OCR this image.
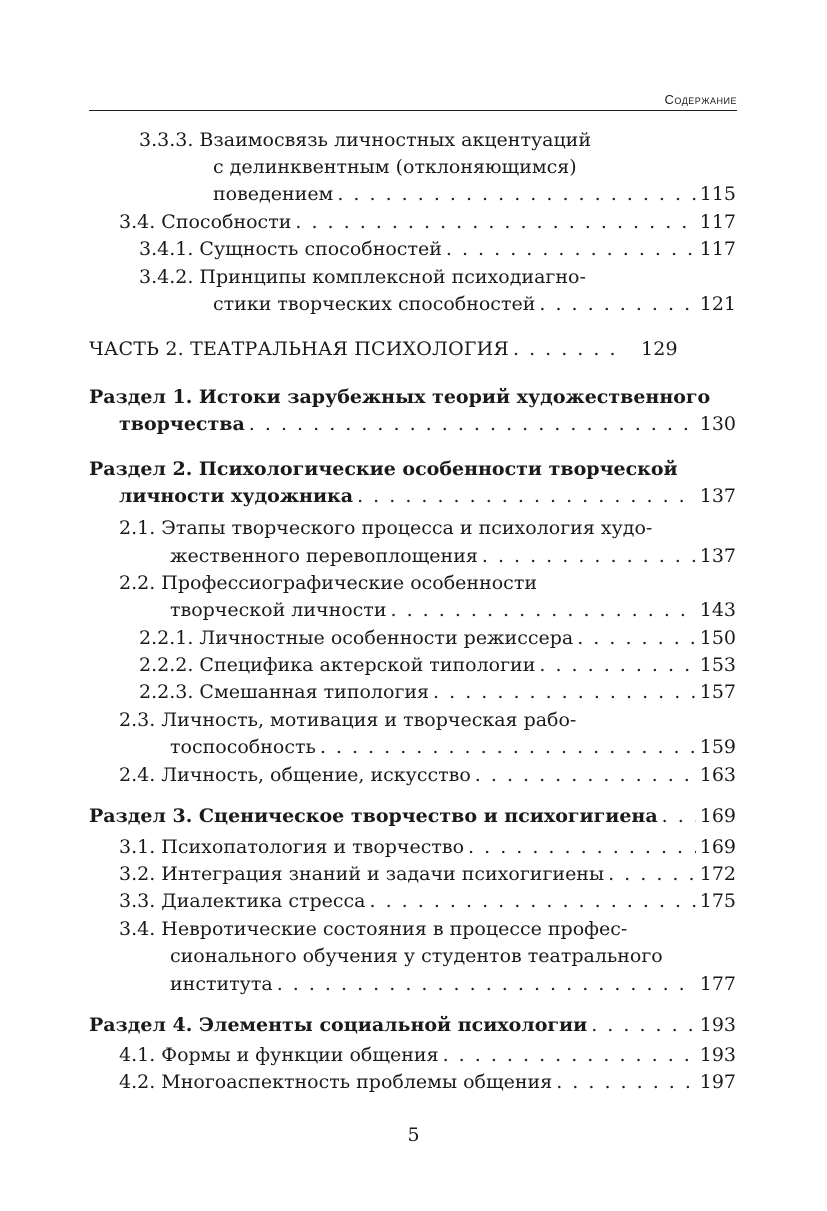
Содержание
3.3.3. Взаимосвязь личностных акцентуаций
с делинквентным (отклоняющимся)
поведением . . .	115
3.4. Способности . . .	117
3.4.1. Сущность способностей . . .	117
3.4.2. Принципы комплексной психодиагно-
стики творческих способностей . . .	121
ЧАСТЬ 2. ТЕАТРАЛЬНАЯ ПСИХОЛОГИЯ . . .	129
Раздел 1. Истоки зарубежных теорий художественного
творчества . . .	130
Раздел 2. Психологические особенности творческой
личности художника . . .	137
2.1. Этапы творческого процесса и психология худо-
жественного перевоплощения . . .	137
2.2. Профессиографические особенности
творческой личности . . .	143
2.2.1. Личностные особенности режиссера . . .	150
2.2.2. Специфика актерской типологии . . .	153
2.2.3. Смешанная типология . . .	157
2.3. Личность, мотивация и творческая рабо-
тоспособность . . .	159
2.4. Личность, общение, искусство . . .	163
Раздел 3. Сценическое творчество и психогигиена . . . 169
3.1. Психопатология и творчество . . .	169
3.2. Интеграция знаний и задачи психогигиены . . .	172
3.3. Диалектика стресса . . .	175
3.4. Невротические состояния в процессе профес-
сионального обучения у студентов театрального
института . . .	177
Раздел 4. Элементы социальной психологии . . .	193
4.1. Формы и функции общения . . .	193
4.2. Многоаспектность проблемы общения . . .	197
5
